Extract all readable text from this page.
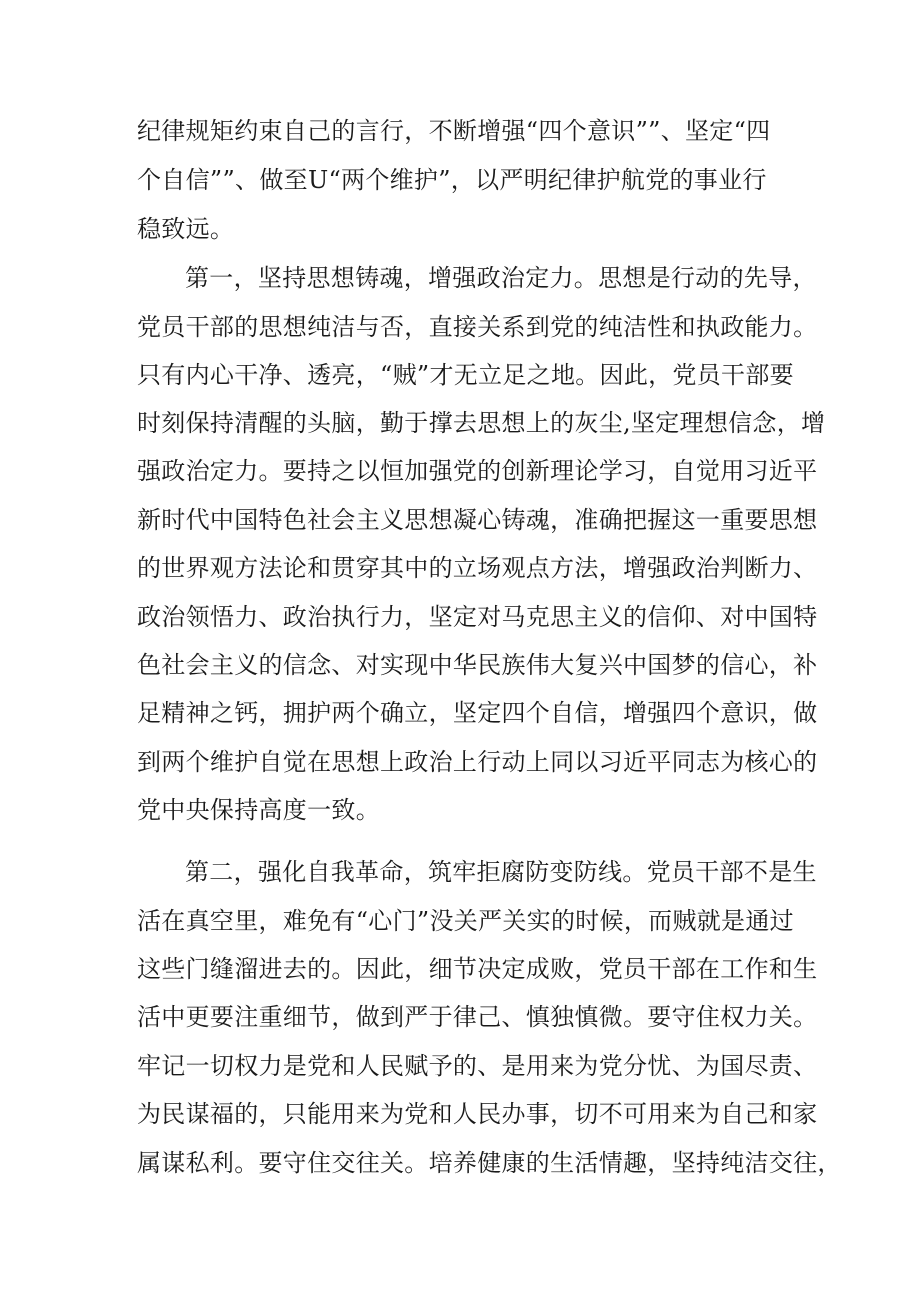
纪律规矩约束自己的言行，不断增强“四个意识””、坚定“四
个自信””、做至U“两个维护”，以严明纪律护航党的事业行
稳致远。
第一，坚持思想铸魂，增强政治定力。思想是行动的先导，
党员干部的思想纯洁与否，直接关系到党的纯洁性和执政能力。
只有内心干净、透亮，“贼”才无立足之地。因此，党员干部要
时刻保持清醒的头脑，勤于撑去思想上的灰尘,坚定理想信念，增
强政治定力。要持之以恒加强党的创新理论学习，自觉用习近平
新时代中国特色社会主义思想凝心铸魂，准确把握这一重要思想
的世界观方法论和贯穿其中的立场观点方法，增强政治判断力、
政治领悟力、政治执行力，坚定对马克思主义的信仰、对中国特
色社会主义的信念、对实现中华民族伟大复兴中国梦的信心，补
足精神之钙，拥护两个确立，坚定四个自信，增强四个意识，做
到两个维护自觉在思想上政治上行动上同以习近平同志为核心的
党中央保持高度一致。
第二，强化自我革命，筑牢拒腐防变防线。党员干部不是生
活在真空里，难免有“心门”没关严关实的时候，而贼就是通过
这些门缝溜进去的。因此，细节决定成败，党员干部在工作和生
活中更要注重细节，做到严于律己、慎独慎微。要守住权力关。
牢记一切权力是党和人民赋予的、是用来为党分忧、为国尽责、
为民谋福的，只能用来为党和人民办事，切不可用来为自己和家
属谋私利。要守住交往关。培养健康的生活情趣，坚持纯洁交往，
